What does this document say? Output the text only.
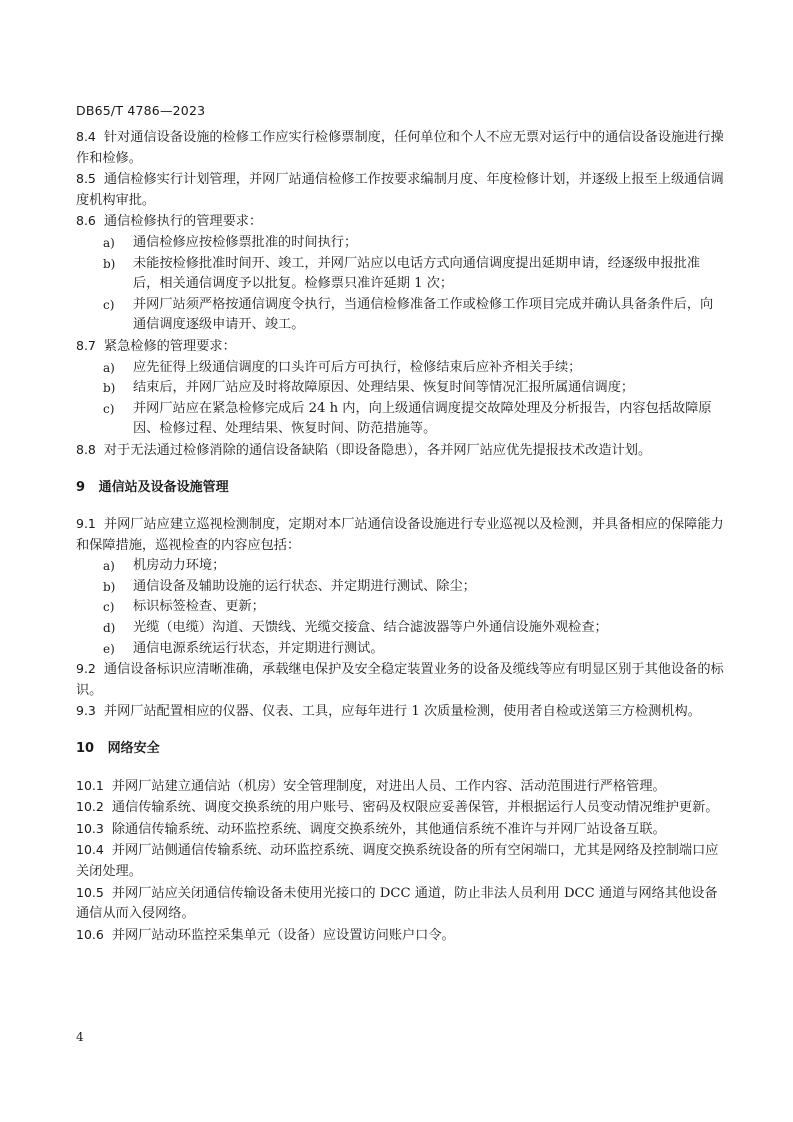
DB65/T 4786—2023

8.4 针对通信设备设施的检修工作应实行检修票制度，任何单位和个人不应无票对运行中的通信设备设施进行操作和检修。

8.5 通信检修实行计划管理，并网厂站通信检修工作按要求编制月度、年度检修计划，并逐级上报至上级通信调度机构审批。

8.6 通信检修执行的管理要求：

a) 通信检修应按检修票批准的时间执行；
b) 未能按检修批准时间开、竣工，并网厂站应以电话方式向通信调度提出延期申请，经逐级申报批准后，相关通信调度予以批复。检修票只准许延期 1 次；
c) 并网厂站须严格按通信调度令执行，当通信检修准备工作或检修工作项目完成并确认具备条件后，向通信调度逐级申请开、竣工。

8.7 紧急检修的管理要求：

a) 应先征得上级通信调度的口头许可后方可执行，检修结束后应补齐相关手续；
b) 结束后，并网厂站应及时将故障原因、处理结果、恢复时间等情况汇报所属通信调度；
c) 并网厂站应在紧急检修完成后 24 h 内，向上级通信调度提交故障处理及分析报告，内容包括故障原因、检修过程、处理结果、恢复时间、防范措施等。

8.8 对于无法通过检修消除的通信设备缺陷（即设备隐患），各并网厂站应优先提报技术改造计划。

9 通信站及设备设施管理

9.1 并网厂站应建立巡视检测制度，定期对本厂站通信设备设施进行专业巡视以及检测，并具备相应的保障能力和保障措施，巡视检查的内容应包括：

a) 机房动力环境；
b) 通信设备及辅助设施的运行状态、并定期进行测试、除尘；
c) 标识标签检查、更新；
d) 光缆（电缆）沟道、天馈线、光缆交接盒、结合滤波器等户外通信设施外观检查；
e) 通信电源系统运行状态，并定期进行测试。

9.2 通信设备标识应清晰准确，承载继电保护及安全稳定装置业务的设备及缆线等应有明显区别于其他设备的标识。

9.3 并网厂站配置相应的仪器、仪表、工具，应每年进行 1 次质量检测，使用者自检或送第三方检测机构。

10 网络安全

10.1 并网厂站建立通信站（机房）安全管理制度，对进出人员、工作内容、活动范围进行严格管理。

10.2 通信传输系统、调度交换系统的用户账号、密码及权限应妥善保管，并根据运行人员变动情况维护更新。

10.3 除通信传输系统、动环监控系统、调度交换系统外，其他通信系统不准许与并网厂站设备互联。

10.4 并网厂站侧通信传输系统、动环监控系统、调度交换系统设备的所有空闲端口，尤其是网络及控制端口应关闭处理。

10.5 并网厂站应关闭通信传输设备未使用光接口的 DCC 通道，防止非法人员利用 DCC 通道与网络其他设备通信从而入侵网络。

10.6 并网厂站动环监控采集单元（设备）应设置访问账户口令。

4
